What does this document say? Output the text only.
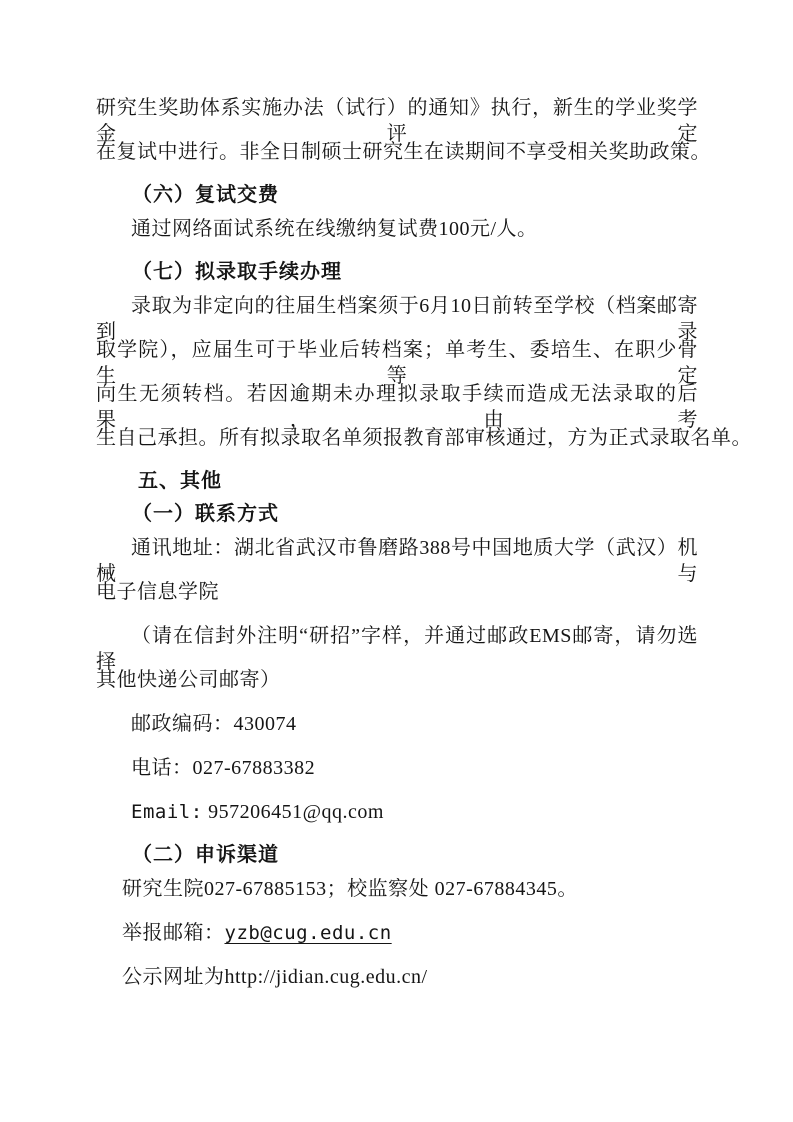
研究生奖助体系实施办法（试行）的通知》执行，新生的学业奖学金评定
在复试中进行。非全日制硕士研究生在读期间不享受相关奖助政策。
（六）复试交费
通过网络面试系统在线缴纳复试费100元/人。
（七）拟录取手续办理
录取为非定向的往届生档案须于6月10日前转至学校（档案邮寄到录
取学院），应届生可于毕业后转档案；单考生、委培生、在职少骨生等定
向生无须转档。若因逾期未办理拟录取手续而造成无法录取的后果，由考
生自己承担。所有拟录取名单须报教育部审核通过，方为正式录取名单。
五、其他
（一）联系方式
通讯地址：湖北省武汉市鲁磨路388号中国地质大学（武汉）机械与
电子信息学院
（请在信封外注明“研招”字样，并通过邮政EMS邮寄，请勿选择
其他快递公司邮寄）
邮政编码：430074
电话：027-67883382
Email: 957206451@qq.com
（二）申诉渠道
研究生院027-67885153；校监察处 027-67884345。
举报邮箱：yzb@cug.edu.cn
公示网址为http://jidian.cug.edu.cn/
